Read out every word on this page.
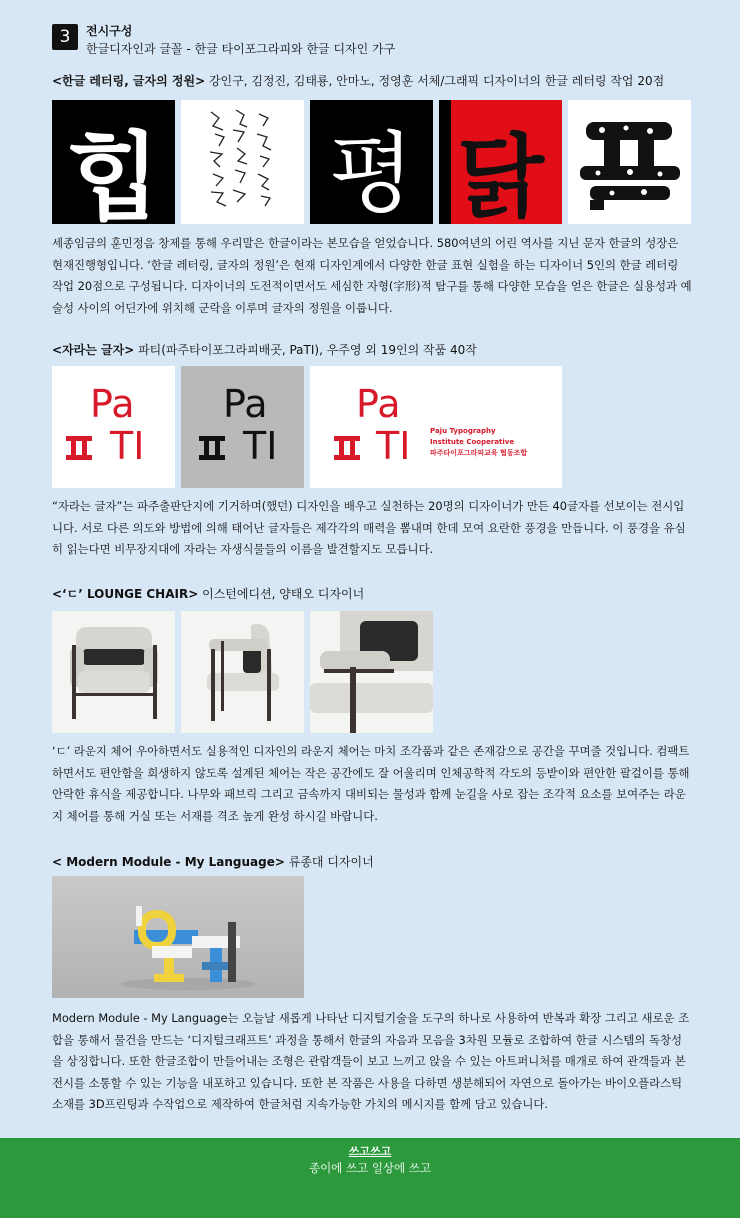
3	전시구성
한글디자인과 글꼴 - 한글 타이포그라피와 한글 디자인 가구
<한글 레터링, 글자의 정원> 강인구, 김정진, 김태룡, 안마노, 정영훈 서체/그래픽 디자이너의 한글 레터링 작업 20점
힙 평 닭
세종임금의 훈민정음 창제를 통해 우리말은 한글이라는 본모습을 얻었습니다. 580여년의 어린 역사를 지닌 문자 한글의 성장은 현재진행형입니다. ‘한글 레터링, 글자의 정원’은 현재 디자인계에서 다양한 한글 표현 실험을 하는 디자이너 5인의 한글 레터링 작업 20점으로 구성됩니다. 디자이너의 도전적이면서도 세심한 자형(字形)적 탐구를 통해 다양한 모습을 얻은 한글은 실용성과 예술성 사이의 어딘가에 위치해 군락을 이루며 글자의 정원을 이룹니다.
<자라는 글자> 파티(파주타이포그라피배곳, PaTI), 우주영 외 19인의 작품 40작
Pa
TI
Pa
TI
Pa
TI	Paju Typography
Institute Cooperative
파주타이포그라피교육 협동조합
“자라는 글자”는 파주출판단지에 기거하며(했던) 디자인을 배우고 실천하는 20명의 디자이너가 만든 40글자를 선보이는 전시입니다. 서로 다른 의도와 방법에 의해 태어난 글자들은 제각각의 매력을 뽐내며 한데 모여 요란한 풍경을 만듭니다. 이 풍경을 유심히 읽는다면 비무장지대에 자라는 자생식물들의 이름을 발견할지도 모릅니다.
<‘ㄷ’ LOUNGE CHAIR> 이스턴에디션, 양태오 디자이너
‘ㄷ’ 라운지 체어 우아하면서도 실용적인 디자인의 라운지 체어는 마치 조각품과 같은 존재감으로 공간을 꾸며줄 것입니다. 컴팩트 하면서도 편안함을 희생하지 않도록 설계된 체어는 작은 공간에도 잘 어울리며 인체공학적 각도의 등받이와 편안한 팔걸이를 통해 안락한 휴식을 제공합니다. 나무와 패브릭 그리고 금속까지 대비되는 물성과 함께 눈길을 사로 잡는 조각적 요소를 보여주는 라운지 체어를 통해 거실 또는 서재를 격조 높게 완성 하시길 바랍니다.
< Modern Module - My Language> 류종대 디자이너
Modern Module - My Language는 오늘날 새롭게 나타난 디지털기술을 도구의 하나로 사용하여 반복과 확장 그리고 새로운 조합을 통해서 물건을 만드는 ‘디지털크래프트’ 과정을 통해서 한글의 자음과 모음을 3차원 모듈로 조합하여 한글 시스템의 독창성을 상징합니다. 또한 한글조합이 만들어내는 조형은 관람객들이 보고 느끼고 앉을 수 있는 아트퍼니처를 매개로 하여 관객들과 본 전시를 소통할 수 있는 기능을 내포하고 있습니다. 또한 본 작품은 사용을 다하면 생분해되어 자연으로 돌아가는 바이오플라스틱소재를 3D프린팅과 수작업으로 제작하여 한글처럼 지속가능한 가치의 메시지를 함께 담고 있습니다.
쓰고쓰고
종이에 쓰고 일상에 쓰고
